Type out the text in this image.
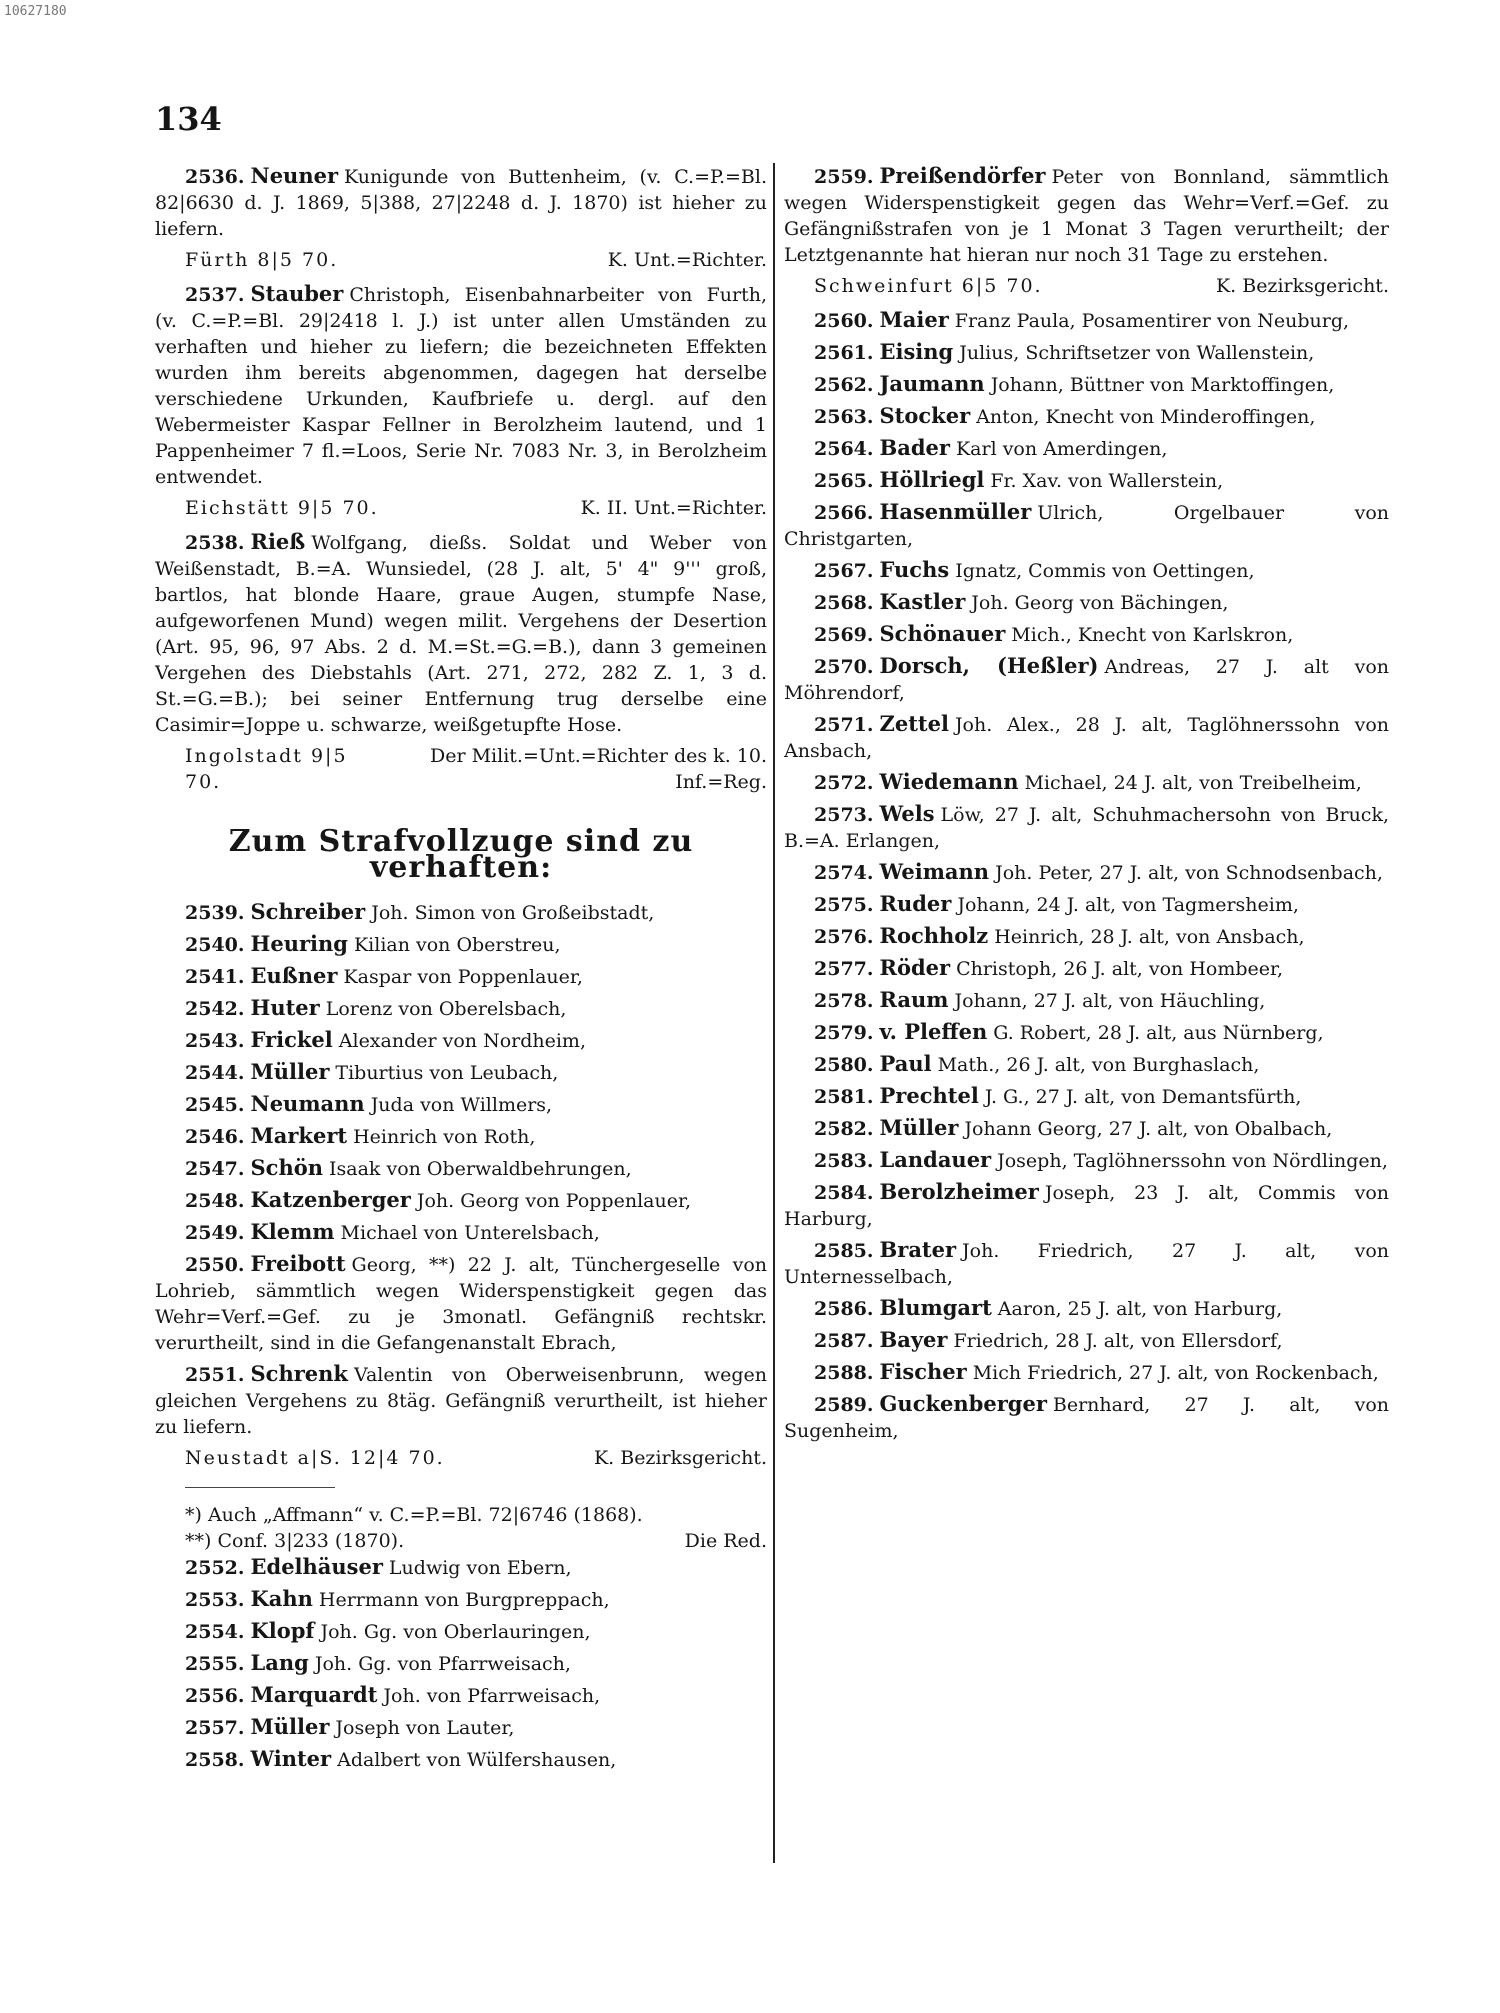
10627180
134

2536. Neuner Kunigunde von Buttenheim, (v. C.=P.=Bl. 82|6630 d. J. 1869, 5|388, 27|2248 d. J. 1870) ist hieher zu liefern.

Fürth 8|5 70.	K. Unt.=Richter.

2537. Stauber Christoph, Eisenbahnarbeiter von Furth, (v. C.=P.=Bl. 29|2418 l. J.) ist unter allen Umständen zu verhaften und hieher zu liefern; die bezeichneten Effekten wurden ihm bereits abgenommen, dagegen hat derselbe verschiedene Urkunden, Kaufbriefe u. dergl. auf den Webermeister Kaspar Fellner in Berolzheim lautend, und 1 Pappenheimer 7 fl.=Loos, Serie Nr. 7083 Nr. 3, in Berolzheim entwendet.

Eichstätt 9|5 70.	K. II. Unt.=Richter.

2538. Rieß Wolfgang, dießs. Soldat und Weber von Weißenstadt, B.=A. Wunsiedel, (28 J. alt, 5' 4" 9''' groß, bartlos, hat blonde Haare, graue Augen, stumpfe Nase, aufgeworfenen Mund) wegen milit. Vergehens der Desertion (Art. 95, 96, 97 Abs. 2 d. M.=St.=G.=B.), dann 3 gemeinen Vergehen des Diebstahls (Art. 271, 272, 282 Z. 1, 3 d. St.=G.=B.); bei seiner Entfernung trug derselbe eine Casimir=Joppe u. schwarze, weißgetupfte Hose.

Ingolstadt 9|5 70.
Der Milit.=Unt.=Richter des k. 10. Inf.=Reg.
Zum Strafvollzuge sind zu verhaften:

2539. Schreiber Joh. Simon von Großeibstadt,

2540. Heuring Kilian von Oberstreu,

2541. Eußner Kaspar von Poppenlauer,

2542. Huter Lorenz von Oberelsbach,

2543. Frickel Alexander von Nordheim,

2544. Müller Tiburtius von Leubach,

2545. Neumann Juda von Willmers,

2546. Markert Heinrich von Roth,

2547. Schön Isaak von Oberwaldbehrungen,

2548. Katzenberger Joh. Georg von Poppenlauer,

2549. Klemm Michael von Unterelsbach,

2550. Freibott Georg, **) 22 J. alt, Tünchergeselle von Lohrieb, sämmtlich wegen Widerspenstigkeit gegen das Wehr=Verf.=Gef. zu je 3monatl. Gefängniß rechtskr. verurtheilt, sind in die Gefangenanstalt Ebrach,

2551. Schrenk Valentin von Oberweisenbrunn, wegen gleichen Vergehens zu 8täg. Gefängniß verurtheilt, ist hieher zu liefern.

Neustadt a|S. 12|4 70.	K. Bezirksgericht.
*) Auch „Affmann“ v. C.=P.=Bl. 72|6746 (1868).
**) Conf. 3|233 (1870).	Die Red.

2552. Edelhäuser Ludwig von Ebern,

2553. Kahn Herrmann von Burgpreppach,

2554. Klopf Joh. Gg. von Oberlauringen,

2555. Lang Joh. Gg. von Pfarrweisach,

2556. Marquardt Joh. von Pfarrweisach,

2557. Müller Joseph von Lauter,

2558. Winter Adalbert von Wülfershausen,

2559. Preißendörfer Peter von Bonnland, sämmtlich wegen Widerspenstigkeit gegen das Wehr=Verf.=Gef. zu Gefängnißstrafen von je 1 Monat 3 Tagen verurtheilt; der Letztgenannte hat hieran nur noch 31 Tage zu erstehen.

Schweinfurt 6|5 70.	K. Bezirksgericht.

2560. Maier Franz Paula, Posamentirer von Neuburg,

2561. Eising Julius, Schriftsetzer von Wallenstein,

2562. Jaumann Johann, Büttner von Marktoffingen,

2563. Stocker Anton, Knecht von Minderoffingen,

2564. Bader Karl von Amerdingen,

2565. Höllriegl Fr. Xav. von Wallerstein,

2566. Hasenmüller Ulrich, Orgelbauer von Christgarten,

2567. Fuchs Ignatz, Commis von Oettingen,

2568. Kastler Joh. Georg von Bächingen,

2569. Schönauer Mich., Knecht von Karlskron,

2570. Dorsch, (Heßler) Andreas, 27 J. alt von Möhrendorf,

2571. Zettel Joh. Alex., 28 J. alt, Taglöhnerssohn von Ansbach,

2572. Wiedemann Michael, 24 J. alt, von Treibelheim,

2573. Wels Löw, 27 J. alt, Schuhmachersohn von Bruck, B.=A. Erlangen,

2574. Weimann Joh. Peter, 27 J. alt, von Schnodsenbach,

2575. Ruder Johann, 24 J. alt, von Tagmersheim,

2576. Rochholz Heinrich, 28 J. alt, von Ansbach,

2577. Röder Christoph, 26 J. alt, von Hombeer,

2578. Raum Johann, 27 J. alt, von Häuchling,

2579. v. Pleffen G. Robert, 28 J. alt, aus Nürnberg,

2580. Paul Math., 26 J. alt, von Burghaslach,

2581. Prechtel J. G., 27 J. alt, von Demantsfürth,

2582. Müller Johann Georg, 27 J. alt, von Obalbach,

2583. Landauer Joseph, Taglöhnerssohn von Nördlingen,

2584. Berolzheimer Joseph, 23 J. alt, Commis von Harburg,

2585. Brater Joh. Friedrich, 27 J. alt, von Unternesselbach,

2586. Blumgart Aaron, 25 J. alt, von Harburg,

2587. Bayer Friedrich, 28 J. alt, von Ellersdorf,

2588. Fischer Mich Friedrich, 27 J. alt, von Rockenbach,

2589. Guckenberger Bernhard, 27 J. alt, von Sugenheim,
